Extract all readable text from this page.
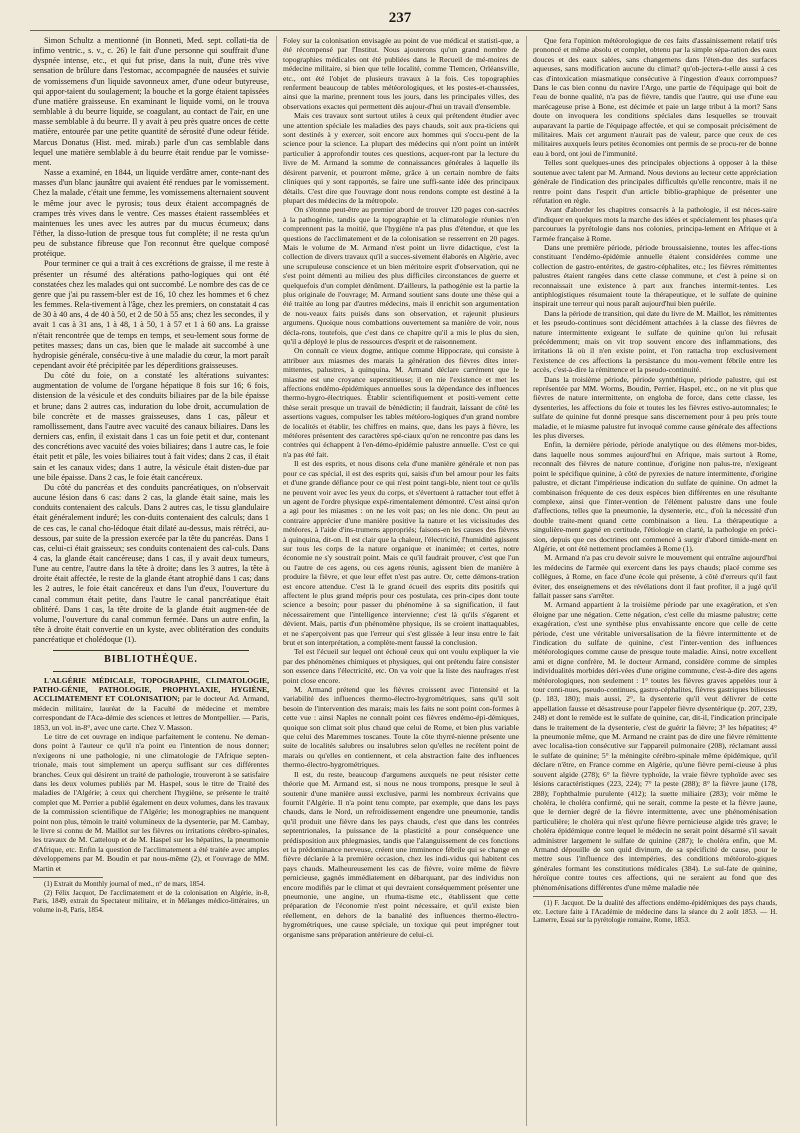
237

Simon Schultz a mentionné (in Bonneti, Med. sept. collati-tia de infimo ventric., s. v., c. 26) le fait d'une personne qui souffrait d'une dyspnée intense, etc., et qui fut prise, dans la nuit, d'une très vive sensation de brûlure dans l'estomac, accompagnée de nausées et suivie de vomissemens d'un liquide savonneux amer, d'une odeur butyreuse, qui appor-taient du soulagement; la bouche et la gorge étaient tapissées d'une matière graisseuse. En examinant le liquide vomi, on le trouva semblable à du beurre liquide, se coagulant, au contact de l'air, en une masse semblable à du beurre. Il y avait à peu près quatre onces de cette matière, entourée par une petite quantité de sérosité d'une odeur fétide. Marcus Donatus (Hist. med. mirab.) parle d'un cas semblable dans lequel une matière semblable à du beurre était rendue par le vomisse-ment.

Nasse a examiné, en 1844, un liquide verdâtre amer, conte-nant des masses d'un blanc jaunâtre qui avaient été rendues par le vomissement. Chez la malade, c'était une femme, les vomissemens alternaient souvent le même jour avec le pyrosis; tous deux étaient accompagnés de crampes très vives dans le ventre. Ces masses étaient rassemblées et maintenues les unes avec les autres par du mucus écumeux; dans l'éther, la disso-lution de presque tous fut complète; il ne resta qu'un peu de substance fibreuse que l'on reconnut être quelque composé protéique.

Pour terminer ce qui a trait à ces excrétions de graisse, il me reste à présenter un résumé des altérations patho-logiques qui ont été constatées chez les malades qui ont succombé. Le nombre des cas de ce genre que j'ai pu rassem-bler est de 16, 10 chez les hommes et 6 chez les femmes. Rela-tivement à l'âge, chez les premiers, on constatait 4 cas de 30 à 40 ans, 4 de 40 à 50, et 2 de 50 à 55 ans; chez les secondes, il y avait 1 cas à 31 ans, 1 à 48, 1 à 50, 1 à 57 et 1 à 60 ans. La graisse n'était rencontrée que de temps en temps, et seu-lement sous forme de petites masses; dans un cas, bien que le malade ait succombé à une hydropisie générale, consécu-tive à une maladie du cœur, la mort paraît cependant avoir été précipitée par les déperditions graisseuses.

Du côté du foie, on a constaté les altérations suivantes: augmentation de volume de l'organe hépatique 8 fois sur 16; 6 fois, distension de la vésicule et des conduits biliaires par de la bile épaisse et brune; dans 2 autres cas, induration du lobe droit, accumulation de bile concrète et de masses graisseuses, dans 1 cas, pâleur et ramollissement, dans l'autre avec vacuité des canaux biliaires. Dans les derniers cas, enfin, il existait dans 1 cas un foie petit et dur, contenant des concrétions avec vacuité des voies biliaires; dans 1 autre cas, le foie était petit et pâle, les voies biliaires tout à fait vides; dans 2 cas, il était sain et les canaux vides; dans 1 autre, la vésicule était disten-due par une bile épaisse. Dans 2 cas, le foie était cancéreux.

Du côté du pancréas et des conduits pancréatiques, on n'observait aucune lésion dans 6 cas: dans 2 cas, la glande était saine, mais les conduits contenaient des calculs. Dans 2 autres cas, le tissu glandulaire était généralement induré; les con-duits contenaient des calculs; dans 1 de ces cas, le canal cho-lédoque était dilaté au-dessus, mais rétréci, au-dessous, par suite de la pression exercée par la tête du pancréas. Dans 1 cas, celui-ci était graisseux; ses conduits contenaient des cal-culs. Dans 4 cas, la glande était cancéreuse; dans 1 cas, il y avait deux tumeurs, l'une au centre, l'autre dans la tête à droite; dans les 3 autres, la tête à droite était affectée, le reste de la glande étant atrophié dans 1 cas; dans les 2 autres, le foie était cancéreux et dans l'un d'eux, l'ouverture du canal commun était petite, dans l'autre le canal pancréatique était oblitéré. Dans 1 cas, la tête droite de la glande était augmen-tée de volume, l'ouverture du canal commun fermée. Dans un autre enfin, la tête à droite était convertie en un kyste, avec oblitération des conduits pancréatique et cholédoque (1).

BIBLIOTHÈQUE.

L'ALGÉRIE MÉDICALE, TOPOGRAPHIE, CLIMATOLOGIE, PATHO-GÉNIE, PATHOLOGIE, PROPHYLAXIE, HYGIÈNE, ACCLIMATEMENT ET COLONISATION; par le docteur Ad. Armand, médecin militaire, lauréat de la Faculté de médecine et membre correspondant de l'Aca-démie des sciences et lettres de Montpellier. — Paris, 1853, un vol. in-8°, avec une carte. Chez V. Masson.

Le titre de cet ouvrage en indique parfaitement le contenu. Ne deman-dons point à l'auteur ce qu'il n'a point eu l'intention de nous donner; n'exigeons ni une pathologie, ni une climatologie de l'Afrique septen-trionale, mais tout simplement un aperçu suffisant sur ces différentes branches. Ceux qui désirent un traité de pathologie, trouveront à se satisfaire dans les deux volumes publiés par M. Haspel, sous le titre de Traité des maladies de l'Algérie; à ceux qui cherchent l'hygiène, se présente le traité complet que M. Perrier a publié également en deux volumes, dans les travaux de la commission scientifique de l'Algérie; les monographies ne manquent point non plus, témoin le traité volumineux de la dysenterie, par M. Cambay, le livre si connu de M. Maillot sur les fièvres ou irritations cérébro-spinales, les travaux de M. Catteloup et de M. Haspel sur les hépatites, la pneumonie d'Afrique, etc. Enfin la question de l'acclimatement a été traitée avec amples développemens par M. Boudin et par nous-même (2), et l'ouvrage de MM. Martin et

(1) Extrait du Monthly journal of med., n° de mars, 1854.

(2) Félix Jacquot, De l'acclimatement et de la colonisation en Algérie, in-8, Paris, 1849, extrait du Spectateur militaire, et in Mélanges médico-littéraires, un volume in-8, Paris, 1854.

Foley sur la colonisation envisagée au point de vue médical et statisti-que, a été récompensé par l'Institut. Nous ajouterons qu'un grand nombre de topographies médicales ont été publiées dans le Recueil de mé-moires de médecine militaire, si bien que telle localité, comme Tlemcen, Orléansville, etc., ont été l'objet de plusieurs travaux à la fois. Ces topographies renferment beaucoup de tables météorologiques, et les postes-et-chaussées, ainsi que la marine, prennent tous les jours, dans les principales villes, des observations exactes qui permettent dès aujour-d'hui un travail d'ensemble.

Mais ces travaux sont surtout utiles à ceux qui prétendent étudier avec une attention spéciale les maladies des pays chauds, soit aux pra-ticiens qui sont destinés à y exercer, soit encore aux hommes qui s'occu-pent de la science pour la science. La plupart des médecins qui n'ont point un intérêt particulier à approfondir toutes ces questions, acquer-ront par la lecture du livre de M. Armand la somme de connaissances générales à laquelle ils désirent parvenir, et pourront même, grâce à un certain nombre de faits cliniques qui y sont rapportés, se faire une suffi-sante idée des principaux détails. C'est dire que l'ouvrage dont nous rendons compte est destiné à la plupart des médecins de la métropole.

On s'étonne peut-être au premier abord de trouver 120 pages con-sacrées à la pathogénie, tandis que la topographie et la climatologie réunies n'en comprennent pas la moitié, que l'hygiène n'a pas plus d'étendue, et que les questions de l'acclimatement et de la colonisation se resserrent en 20 pages. Mais le volume de M. Armand n'est point un livre didactique, c'est la collection de divers travaux qu'il a succes-sivement élaborés en Algérie, avec une scrupuleuse conscience et un bien méritoire esprit d'observation, qui ne s'est point démenti au milieu des plus difficiles circonstances de guerre et quelquefois d'un complet dénûment. D'ailleurs, la pathogénie est la partie la plus originale de l'ouvrage; M. Armand soutient sans doute une thèse qui a été traitée au long par d'autres médecins, mais il enrichit son argumentation de nou-veaux faits puisés dans son observation, et rajeunit plusieurs argumens. Quoique nous combattions ouvertement sa manière de voir, nous décla-rons, toutefois, que c'est dans ce chapitre qu'il a mis le plus du sien, qu'il a déployé le plus de ressources d'esprit et de raisonnement.

On connaît ce vieux dogme, antique comme Hippocrate, qui consiste à attribuer aux miasmes des marais la génération des fièvres dites inter-mittentes, palustres, à quinquina. M. Armand déclare carrément que le miasme est une croyance superstitieuse; il en nie l'existence et met les affections endémo-épidémiques annuelles sous la dépendance des influences thermo-hygro-électriques. Établir scientifiquement et positi-vement cette thèse serait presque un travail de bénédictin; il faudrait, laissant de côté les assertions vagues, compulser les tables météoro-logiques d'un grand nombre de localités et établir, les chiffres en mains, que, dans les pays à fièvre, les météores présentent des caractères spé-ciaux qu'on ne rencontre pas dans les contrées qui échappent à l'en-démo-épidémie palustre annuelle. C'est ce qui n'a pas été fait.

Il est des esprits, et nous disons cela d'une manière générale et non pas pour ce cas spécial, il est des esprits qui, saisis d'un bel amour pour les faits et d'une grande défiance pour ce qui n'est point tangi-ble, nient tout ce qu'ils ne peuvent voir avec les yeux du corps, et s'évertuent à rattacher tout effet à un agent de l'ordre physique expé-rimentalement démontré. C'est ainsi qu'on a agi pour les miasmes : on ne les voit pas; on les nie donc. On peut au contraire apprécier d'une manière positive la nature et les vicissitudes des météores, à l'aide d'ins-trumens appropriés; faisons-en les causes des fièvres à quinquina, dit-on. Il est clair que la chaleur, l'électricité, l'humidité agissent sur tous les corps de la nature organique et inanimée; et certes, notre économie ne s'y soustrait point. Mais ce qu'il faudrait prouver, c'est que l'un ou l'autre de ces agens, ou ces agens réunis, agissent bien de manière à produire la fièvre, et que leur effet n'est pas autre. Or, cette démons-tration est encore attendue. C'est là le grand écueil des esprits dits positifs qui affectent le plus grand mépris pour ces postulata, ces prin-cipes dont toute science a besoin; pour passer du phénomène à sa signification, il faut nécessairement que l'intelligence intervienne; c'est là qu'ils s'égarent et dévient. Mais, partis d'un phénomène physique, ils se croient inattaquables, et ne s'aperçoivent pas que l'erreur qui s'est glissée à leur insu entre le fait brut et son interprétation, a complète-ment faussé la conclusion.

Tel est l'écueil sur lequel ont échoué ceux qui ont voulu expliquer la vie par des phénomènes chimiques et physiques, qui ont prétendu faire consister son essence dans l'électricité, etc. On va voir que la liste des naufrages n'est point close encore.

M. Armand prétend que les fièvres croissent avec l'intensité et la variabilité des influences thermo-électro-hygrométriques, sans qu'il soit besoin de l'intervention des marais; mais les faits ne sont point con-formes à cette vue : ainsi Naples ne connaît point ces fièvres endémo-épi-démiques, quoique son climat soit plus chaud que celui de Rome, et bien plus variable que celui des Maremmes toscanes. Toute la côte thyrré-nienne présente une suite de localités salubres ou insalubres selon qu'elles ne recèlent point de marais ou qu'elles en contiennent, et cela abstraction faite des influences thermo-électro-hygrométriques.

Il est, du reste, beaucoup d'argumens auxquels ne peut résister cette théorie que M. Armand est, si nous ne nous trompons, presque le seul à soutenir d'une manière aussi exclusive, parmi les nombreux écrivains que fournit l'Algérie. Il n'a point tenu compte, par exemple, que dans les pays chauds, dans le Nord, un refroidissement engendre une pneumonie, tandis qu'il produit une fièvre dans les pays chauds, c'est que dans les contrées septentrionales, la puissance de la plasticité a pour conséquence une prédisposition aux phlegmasies, tandis que l'alanguissement de ces fonctions et la prédominance nerveuse, créent une imminence fébrile qui se change en fièvre déclarée à la première occasion, chez les indi-vidus qui habitent ces pays chauds. Malheureusement les cas de fièvre, voire même de fièvre pernicieuse, gagnés immédiatement en débarquant, par des individus non encore modifiés par le climat et qui devraient conséquemment présenter une pneumonie, une angine, un rhuma-tisme etc., établissent que cette préparation de l'économie n'est point nécessaire, et qu'il existe bien réellement, en dehors de la banalité des influences thermo-électro-hygrométriques, une cause spéciale, un toxique qui peut imprégner tout organisme sans préparation antérieure de celui-ci.

Que fera l'opinion météorologique de ces faits d'assainissement relatif très prononcé et même absolu et complet, obtenu par la simple sépa-ration des eaux douces et des eaux salées, sans changemens dans l'éten-due des surfaces aqueuses, sans modification aucune du climat? qu'ob-jectera-t-elle aussi à ces cas d'intoxication miasmatique consécutive à l'ingestion d'eaux corrompues? Dans le cas bien connu du navire l'Argo, une partie de l'équipage qui boit de l'eau de bonne qualité, n'a pas de fièvre, tandis que l'autre, qui use d'une eau marécageuse prise à Bone, est décimée et paie un large tribut à la mort? Sans doute on invoquera les conditions spéciales dans lesquelles se trouvait auparavant la partie de l'équipage affectée, et qui se composait précisément de militaires. Mais cet argument n'aurait pas de valeur, parce que ceux de ces militaires auxquels leurs petites économies ont permis de se procu-rer de bonne eau à bord, ont joui de l'immunité.

Telles sont quelques-unes des principales objections à opposer à la thèse soutenue avec talent par M. Armand. Nous devions au lecteur cette appréciation générale de l'indication des principales difficultés qu'elle rencontre, mais il ne rentre point dans l'esprit d'un article biblio-graphique de présenter une réfutation en règle.

Avant d'aborder les chapitres consacrés à la pathologie, il est néces-saire d'indiquer en quelques mots la marche des idées et spécialement les phases qu'a parcourues la pyrétologie dans nos colonies, principa-lement en Afrique et à l'armée française à Rome.

Dans une première période, période broussaisienne, toutes les affec-tions constituant l'endémo-épidémie annuelle étaient considérées comme une collection de gastro-entérites, de gastro-céphalites, etc.; les fièvres rémittentes palustres étaient rangées dans cette classe commune, et c'est à peine si on reconnaissait une existence à part aux franches intermit-tentes. Les antiphlogistiques résumaient toute la thérapeutique, et le sulfate de quinine inspirait une terreur qui nous paraît aujourd'hui bien puérile.

Dans la période de transition, qui date du livre de M. Maillot, les rémittentes et les pseudo-continues sont décidément attachées à la classe des fièvres de nature intermittente exigeant le sulfate de quinine qu'on lui refusait précédemment; mais on vit trop souvent encore des inflammations, des irritations là où il n'en existe point, et l'on rattacha trop exclusivement l'existence de ces affections la persistance du mou-vement fébrile entre les accès, c'est-à-dire la rémittence et la pseudo-continuité.

Dans la troisième période, période synthétique, période palustre, qui est représentée par MM. Worms, Boudin, Perrier, Haspel, etc., on ne vit plus que fièvres de nature intermittente, on engloba de force, dans cette classe, les dysenteries, les affections du foie et toutes les les fièvres estivo-automnales; le sulfate de quinine fut donné presque sans discernement pour à peu près toute maladie, et le miasme palustre fut invoqué comme cause générale des affections les plus diverses.

Enfin, la dernière période, période analytique ou des élémens mor-bides, dans laquelle nous sommes aujourd'hui en Afrique, mais surtout à Rome, reconnaît des fièvres de nature continue, d'origine non palus-tre, n'exigeant point le spécifique quinine, à côté de pyrexies de nature intermittente, d'origine palustre, et dictant l'impérieuse indication du sulfate de quinine. On admet la combinaison fréquente de ces deux espèces bien différentes en une résultante complexe, ainsi que l'inter-vention de l'élément palustre dans une foule d'affections, telles que la pneumonie, la dysenterie, etc., d'où la nécessité d'un double traite-ment quand cette combinaison a lieu. La thérapeutique a singulière-ment gagné en certitude, l'étiologie en clarté, la pathologie en préci-sion, depuis que ces doctrines ont commencé à surgir d'abord timide-ment en Algérie, et ont été nettement proclamées à Rome (1).

M. Armand n'a pas cru devoir suivre le mouvement qui entraîne aujourd'hui les médecins de l'armée qui exercent dans les pays chauds; placé comme ses collègues, à Rome, en face d'une école qui présente, à côté d'erreurs qu'il faut éviter, des enseignemens et des révélations dont il faut profiter, il a jugé qu'il fallait passer sans s'arrêter.

M. Armand appartient à la troisième période par une exagération, et s'en éloigne par une négation. Cette négation, c'est celle du miasme palustre; cette exagération, c'est une synthèse plus envahissante encore que celle de cette période, c'est une véritable universalisation de la fièvre intermittente et de l'indication du sulfate de quinine, c'est l'inter-vention des influences météorologiques comme cause de presque toute maladie. Ainsi, notre excellent ami et digne confrère, M. le docteur Armand, considère comme de simples individualités morbides déri-vées d'une origine commune, c'est-à-dire des agens météorologiques, non seulement : 1° toutes les fièvres graves appelées tour à tour conti-nues, pseudo-continues, gastro-céphalites, fièvres gastriques bilieuses (p. 183, 180); mais aussi, 2°, la dysenterie qu'il veut délivrer de cette appellation fausse et désastreuse pour l'appeler fièvre dysentérique (p. 207, 239, 248) et dont le remède est le sulfate de quinine, car, dit-il, l'indication principale dans le traitement de la dysenterie, c'est de guérir la fièvre; 3° les hépatites; 4° la pneumonie même, que M. Armand ne craint pas de dire une fièvre rémittente avec localisa-tion consécutive sur l'appareil pulmonaire (208), réclamant aussi le sulfate de quinine; 5° la méningite cérébro-spinale même épidémique, qu'il déclare n'être, en France comme en Algérie, qu'une fièvre perni-cieuse à plus souvent algide (278); 6° la fièvre typhoïde, la vraie fièvre typhoïde avec ses lésions caractéristiques (223, 224); 7° la peste (288); 8° la fièvre jaune (178, 288); l'ophthalmie purulente (412); la suette miliaire (283); voir même le choléra, le choléra confirmé, qui ne serait, comme la peste et la fièvre jaune, que le dernier degré de la fièvre intermittente, avec une phénoménisation particulière; le choléra qui n'est qu'une fièvre pernicieuse algide très grave; le choléra épidémique contre lequel le médecin ne serait point désarmé s'il savait administrer largement le sulfate de quinine (287); le choléra enfin, que M. Armand dépouille de son quid divinum, de sa spécificité de cause, pour le mettre sous l'influence des intempéries, des conditions météorolo-giques générales formant les constitutions médicales (384). Le sul-fate de quinine, héroïque contre toutes ces affections, qui ne seraient au fond que des phénoménisations différentes d'une même maladie née

(1) F. Jacquot. De la dualité des affections endémo-épidémiques des pays chauds, etc. Lecture faite à l'Académie de médecine dans la séance du 2 août 1853. — H. Lamerre, Essai sur la pyrétologie romaine, Rome, 1853.
